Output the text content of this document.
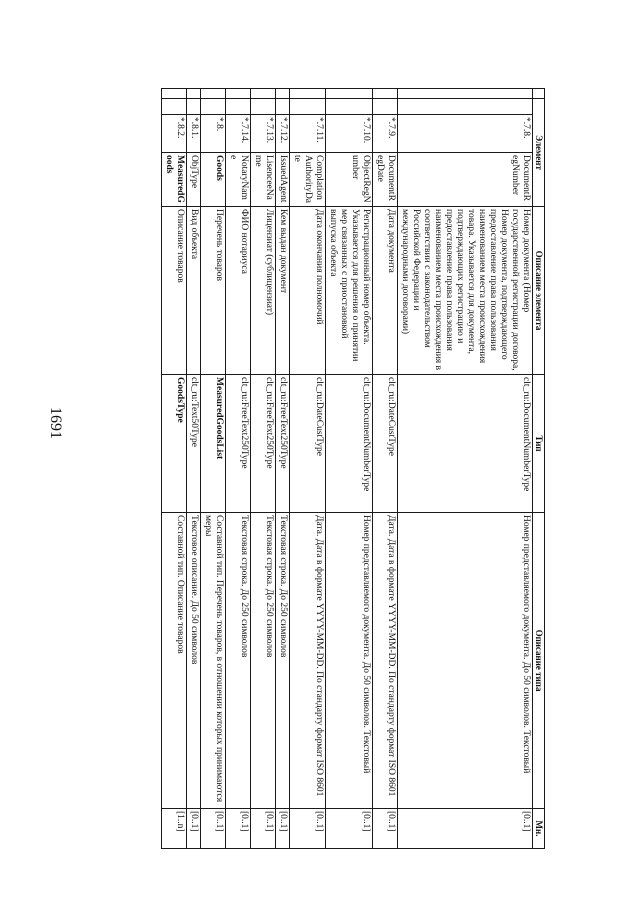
1691
	Элемент			Описание элемента	Тип	Описание типа	Мн.
		*.7.8.	DocumentRegNumber	Номер документа (Номер государственной регистрации договора, Номер документа, подтверждающего предоставление права пользования наименованием места происхождения товара. Указывается для документа, подтверждающих регистрацию и предоставление права пользования наименованием места происхождения в соответствии с законодательством Российской Федерации и международными договорами)	clt_ru:DocumentNumberType	Номер представляемого документа. До 50 символов. Текстовый	[0..1]
		*.7.9.	DocumentRegDate	Дата документа	clt_ru:DateCustType	Дата. Дата в формате YYYY-MM-DD. По стандарту формат ISO 8601	[0..1]
		*.7.10.	ObjectRegNumber	Регистрационный номер объекта. Указывается для решения о принятии мер связанных с приостановкой выпуска объекта	clt_ru:DocumentNumberType	Номер представляемого документа. До 50 символов. Текстовый	[0..1]
		*.7.11.	ComplationAuthorityDate	Дата окончания полномочий	clt_ru:DateCustType	Дата. Дата в формате YYYY-MM-DD. По стандарту формат ISO 8601	[0..1]
		*.7.12.	IssuedAgent	Кем выдан документ	clt_ru:FreeText250Type	Текстовая строка. До 250 символов	[0..1]
		*.7.13.	LisenceeName	Лицензиат (сублицензиат)	clt_ru:FreeText250Type	Текстовая строка. До 250 символов	[0..1]
		*.7.14.	NotaryName	ФИО нотариуса	clt_ru:FreeText250Type	Текстовая строка. До 250 символов	[0..1]
		*.8.	Goods	Перечень товаров	MeasuredGoodsList	Составной тип. Перечень товаров, в отношении которых принимаются меры	[0..1]
		*.8.1.	ObjType	Вид объекта	clt_ru:Text50Type	Текстовое описание. До 50 символов	[0..1]
		*.8.2.	MeasuredGoods	Описание товаров	GoodsType	Составной тип. Описание товаров	[1..n]
